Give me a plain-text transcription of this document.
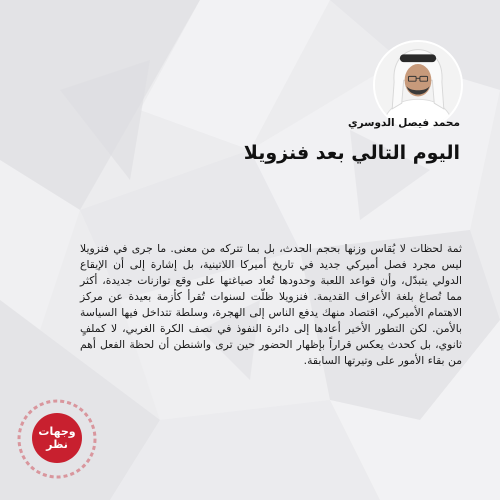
محمد فيصل الدوسري
اليوم التالي بعد فنزويلا

ثمة لحظات لا يُقاس وزنها بحجم الحدث، بل بما تتركه من معنى. ما جرى في فنزويلا ليس مجرد فصل أميركي جديد في تاريخ أميركا اللاتينية، بل إشارة إلى أن الإيقاع الدولي يتبدّل، وأن قواعد اللعبة وحدودها تُعاد صياغتها على وقع توازنات جديدة، أكثر مما تُصاغ بلغة الأعراف القديمة. فنزويلا ظلّت لسنوات تُقرأ كأزمة بعيدة عن مركز الاهتمام الأميركي، اقتصاد منهك يدفع الناس إلى الهجرة، وسلطة تتداخل فيها السياسة بالأمن. لكن التطور الأخير أعادها إلى دائرة النفوذ في نصف الكرة الغربي، لا كملفٍ ثانوي، بل كحدث يعكس قراراً بإظهار الحضور حين ترى واشنطن أن لحظة الفعل أهم من بقاء الأمور على وتيرتها السابقة.

وجهات
نظر
